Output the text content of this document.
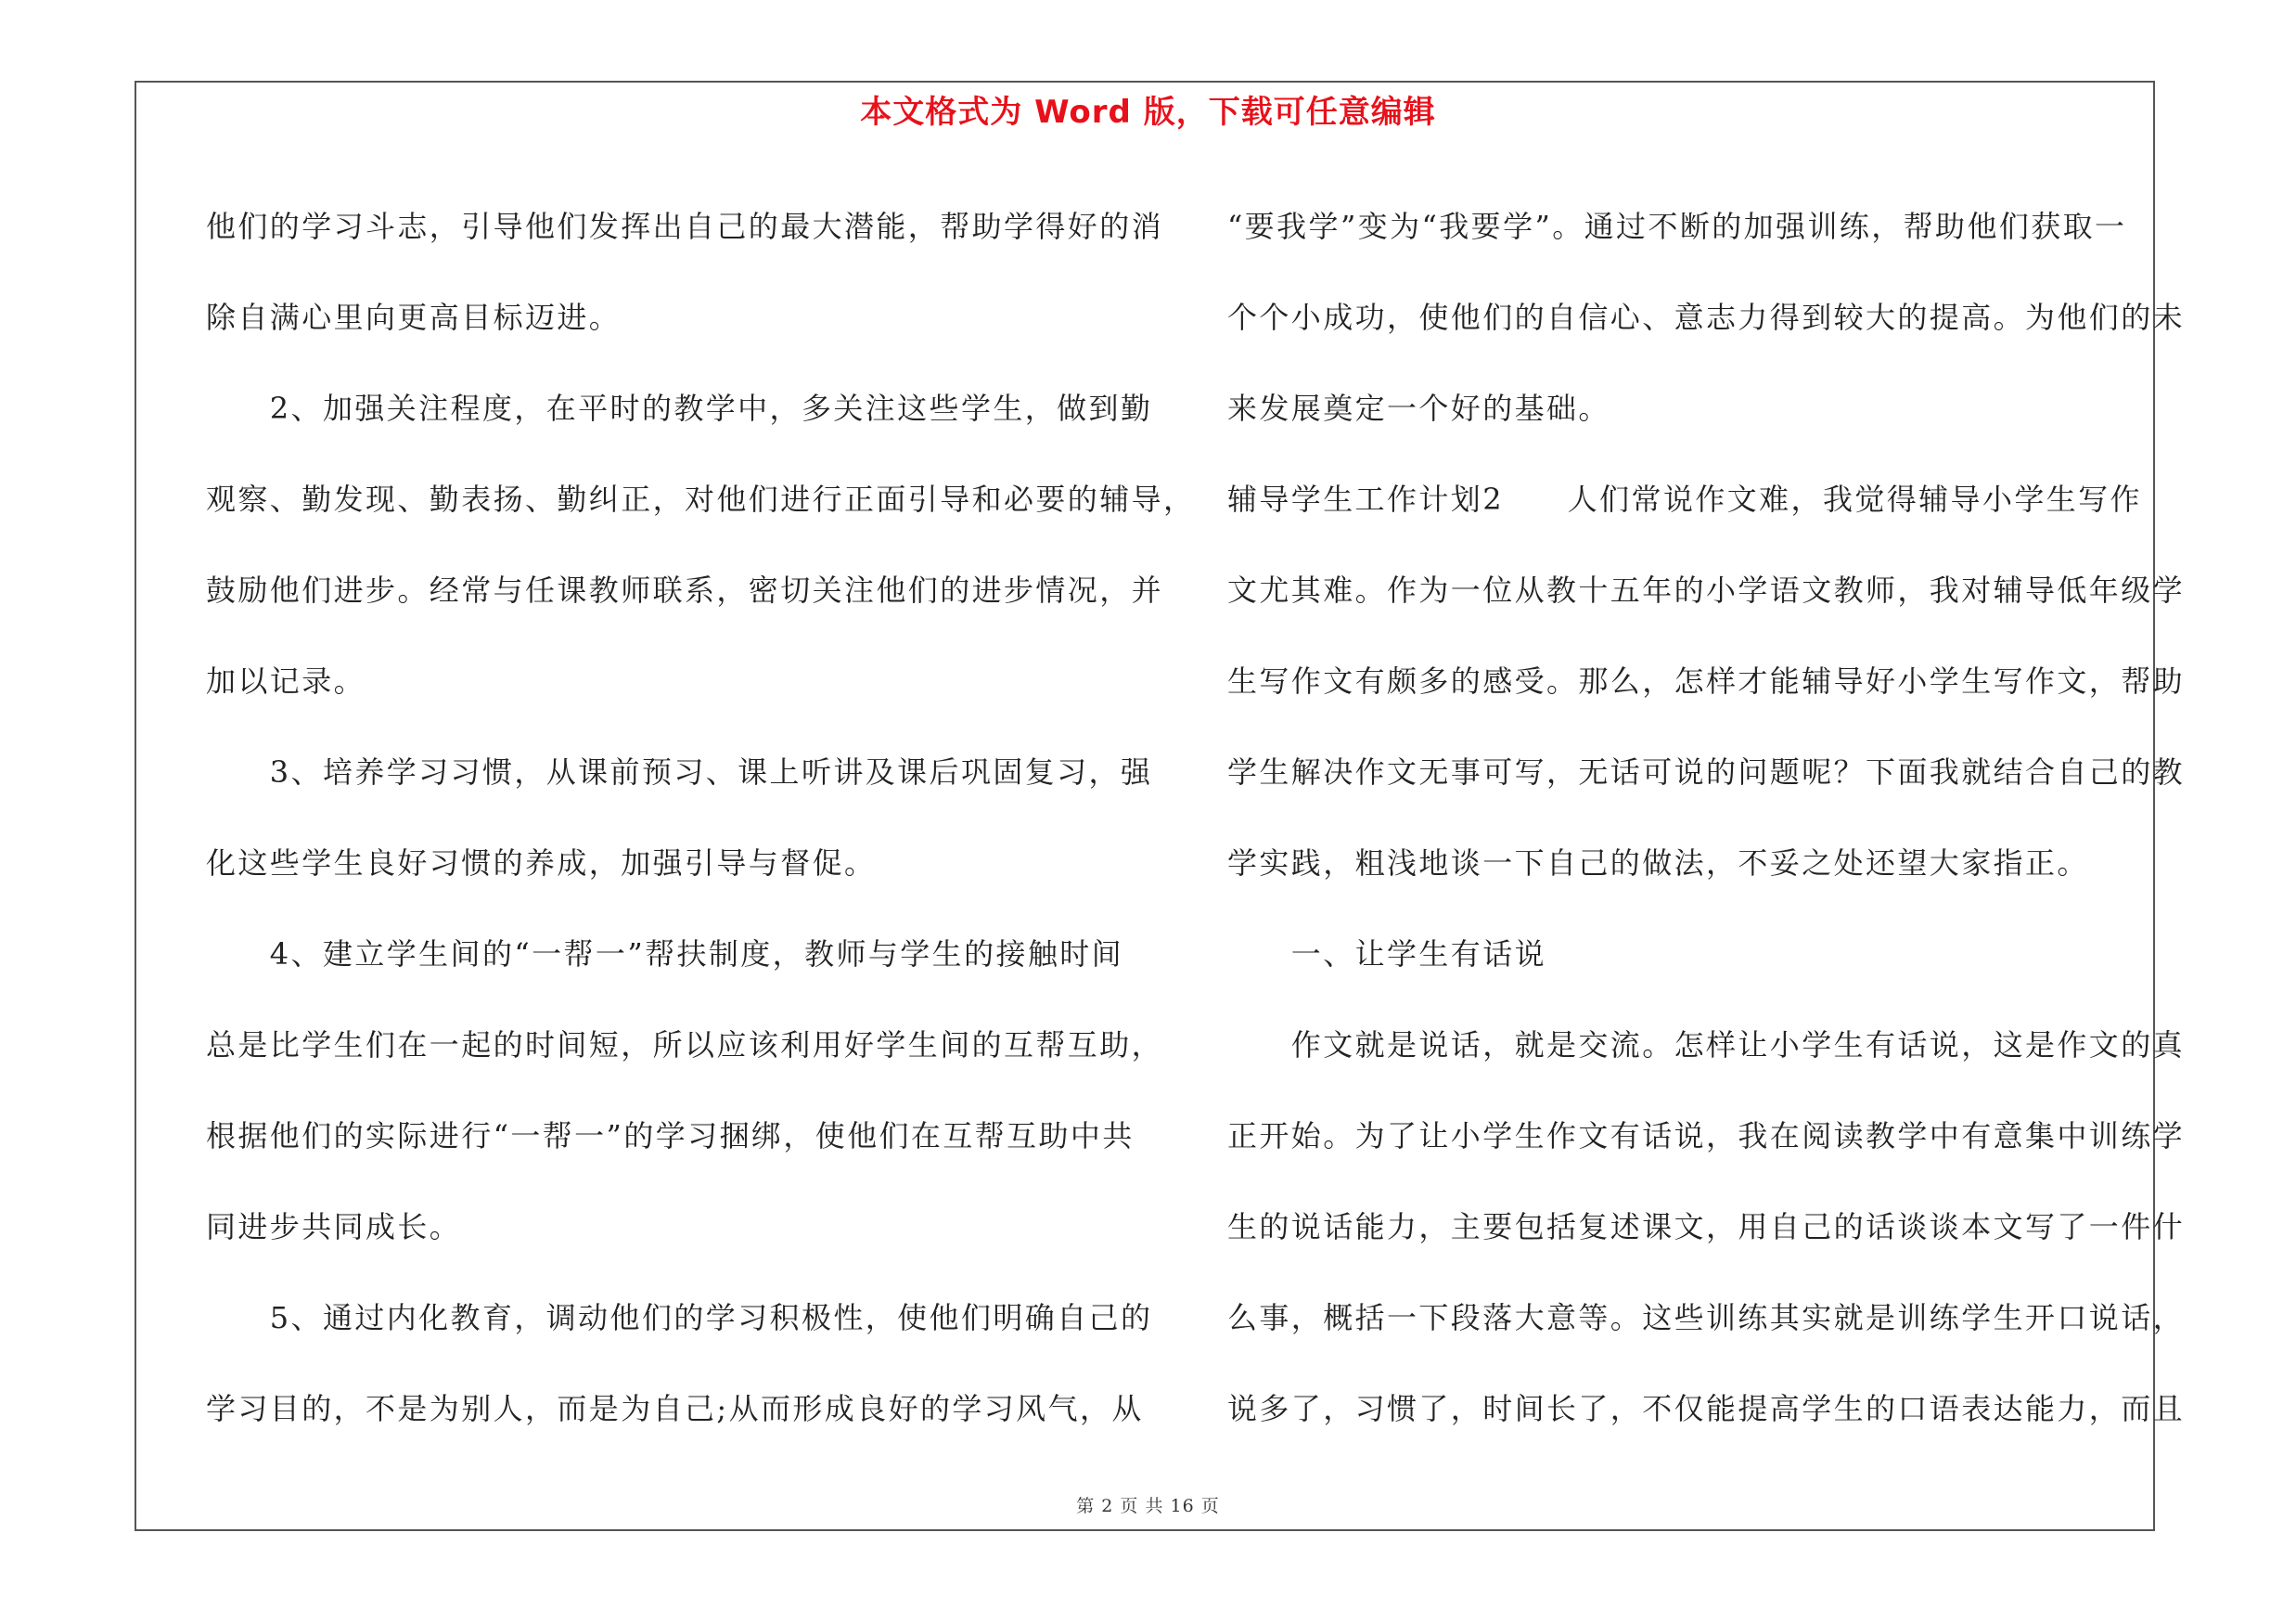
本文格式为 Word 版，下载可任意编辑

他们的学习斗志，引导他们发挥出自己的最大潜能，帮助学得好的消

除自满心里向更高目标迈进。

　　2、加强关注程度，在平时的教学中，多关注这些学生，做到勤

观察、勤发现、勤表扬、勤纠正，对他们进行正面引导和必要的辅导，

鼓励他们进步。经常与任课教师联系，密切关注他们的进步情况，并

加以记录。

　　3、培养学习习惯，从课前预习、课上听讲及课后巩固复习，强

化这些学生良好习惯的养成，加强引导与督促。

　　4、建立学生间的“一帮一”帮扶制度，教师与学生的接触时间

总是比学生们在一起的时间短，所以应该利用好学生间的互帮互助，

根据他们的实际进行“一帮一”的学习捆绑，使他们在互帮互助中共

同进步共同成长。

　　5、通过内化教育，调动他们的学习积极性，使他们明确自己的

学习目的，不是为别人，而是为自己;从而形成良好的学习风气，从

“要我学”变为“我要学”。通过不断的加强训练，帮助他们获取一

个个小成功，使他们的自信心、意志力得到较大的提高。为他们的未

来发展奠定一个好的基础。

辅导学生工作计划2　　人们常说作文难，我觉得辅导小学生写作

文尤其难。作为一位从教十五年的小学语文教师，我对辅导低年级学

生写作文有颇多的感受。那么，怎样才能辅导好小学生写作文，帮助

学生解决作文无事可写，无话可说的问题呢？下面我就结合自己的教

学实践，粗浅地谈一下自己的做法，不妥之处还望大家指正。

　　一、让学生有话说

　　作文就是说话，就是交流。怎样让小学生有话说，这是作文的真

正开始。为了让小学生作文有话说，我在阅读教学中有意集中训练学

生的说话能力，主要包括复述课文，用自己的话谈谈本文写了一件什

么事，概括一下段落大意等。这些训练其实就是训练学生开口说话，

说多了，习惯了，时间长了，不仅能提高学生的口语表达能力，而且

第 2 页 共 16 页
